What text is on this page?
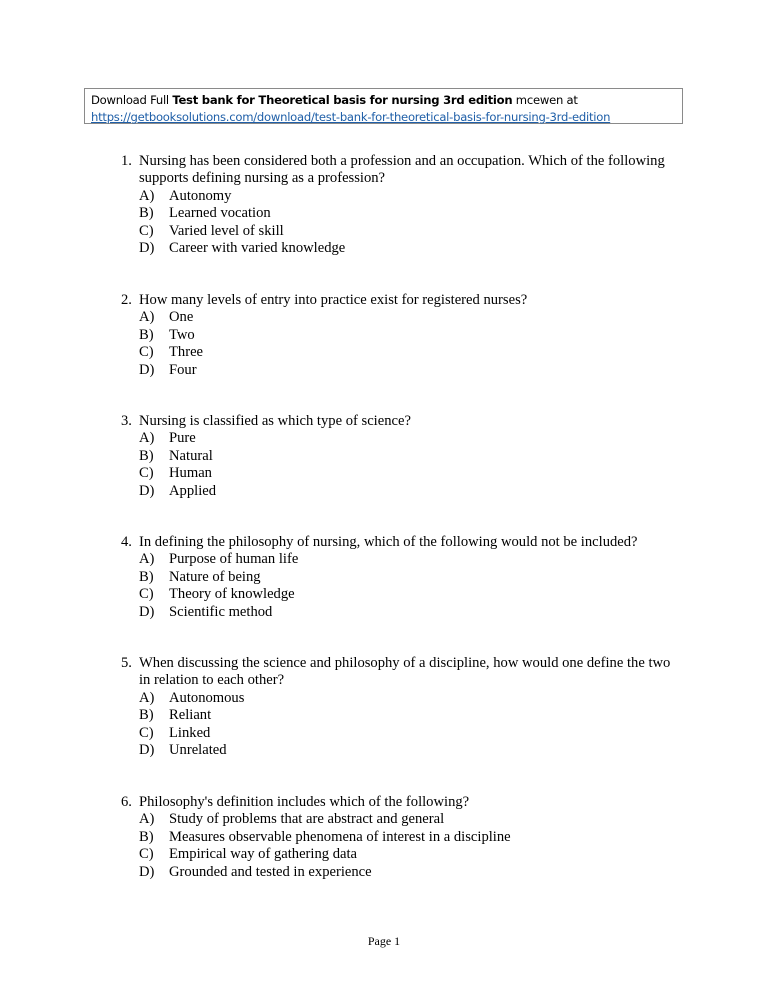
Download Full Test bank for Theoretical basis for nursing 3rd edition mcewen at
https://getbooksolutions.com/download/test-bank-for-theoretical-basis-for-nursing-3rd-edition
1. Nursing has been considered both a profession and an occupation. Which of the following supports defining nursing as a profession?
A) Autonomy
B) Learned vocation
C) Varied level of skill
D) Career with varied knowledge
2. How many levels of entry into practice exist for registered nurses?
A) One
B) Two
C) Three
D) Four
3. Nursing is classified as which type of science?
A) Pure
B) Natural
C) Human
D) Applied
4. In defining the philosophy of nursing, which of the following would not be included?
A) Purpose of human life
B) Nature of being
C) Theory of knowledge
D) Scientific method
5. When discussing the science and philosophy of a discipline, how would one define the two in relation to each other?
A) Autonomous
B) Reliant
C) Linked
D) Unrelated
6. Philosophy's definition includes which of the following?
A) Study of problems that are abstract and general
B) Measures observable phenomena of interest in a discipline
C) Empirical way of gathering data
D) Grounded and tested in experience
Page 1
